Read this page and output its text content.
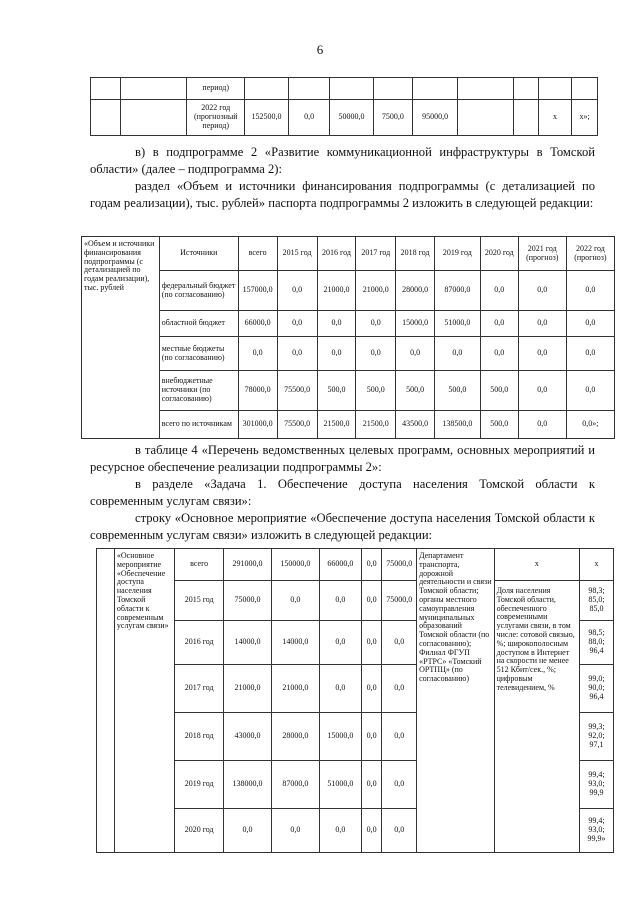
6
		период)									
		2022 год (прогнозный период)	152500,0	0,0	50000,0	7500,0	95000,0			х	х»;
в) в подпрограмме 2 «Развитие коммуникационной инфраструктуры в Томской области» (далее – подпрограмма 2):
раздел «Объем и источники финансирования подпрограммы (с детализацией по годам реализации), тыс. рублей» паспорта подпрограммы 2 изложить в следующей редакции:
«Объем и источники финансирования подпрограммы (с детализацией по годам реализации), тыс. рублей	Источники	всего	2015 год	2016 год	2017 год	2018 год	2019 год	2020 год	2021 год (прогноз)	2022 год (прогноз)
	федеральный бюджет (по согласованию)	157000,0	0,0	21000,0	21000,0	28000,0	87000,0	0,0	0,0	0,0
	областной бюджет	66000,0	0,0	0,0	0,0	15000,0	51000,0	0,0	0,0	0,0
	местные бюджеты (по согласованию)	0,0	0,0	0,0	0,0	0,0	0,0	0,0	0,0	0,0
	внебюджетные источники (по согласованию)	78000,0	75500,0	500,0	500,0	500,0	500,0	500,0	0,0	0,0
	всего по источникам	301000,0	75500,0	21500,0	21500,0	43500,0	138500,0	500,0	0,0	0,0»;
в таблице 4 «Перечень ведомственных целевых программ, основных мероприятий и ресурсное обеспечение реализации подпрограммы 2»:
в разделе «Задача 1. Обеспечение доступа населения Томской области к современным услугам связи»:
строку «Основное мероприятие «Обеспечение доступа населения Томской области к современным услугам связи» изложить в следующей редакции:
	«Основное мероприятие «Обеспечение доступа населения Томской области к современным услугам связи»	всего	291000,0	150000,0	66000,0	0,0	75000,0	Департамент транспорта, дорожной деятельности и связи Томской области; органы местного самоуправления муниципальных образований Томской области (по согласованию); Филиал ФГУП «РТРС» «Томский ОРТПЦ» (по согласованию)	х	х
		2015 год	75000,0	0,0	0,0	0,0	75000,0		Доля населения Томской области, обеспеченного современными услугами связи, в том числе: сотовой связью, %; широкополосным доступом в Интернет на скорости не менее 512 Кбит/сек., %; цифровым телевидением, %	98,3; 85,0; 85,0
		2016 год	14000,0	14000,0	0,0	0,0	0,0			98,5; 88,0; 96,4
		2017 год	21000,0	21000,0	0,0	0,0	0,0			99,0; 90,0; 96,4
		2018 год	43000,0	28000,0	15000,0	0,0	0,0			99,3; 92,0; 97,1
		2019 год	138000,0	87000,0	51000,0	0,0	0,0			99,4; 93,0; 99,9
		2020 год	0,0	0,0	0,0	0,0	0,0			99,4; 93,0; 99,9»
